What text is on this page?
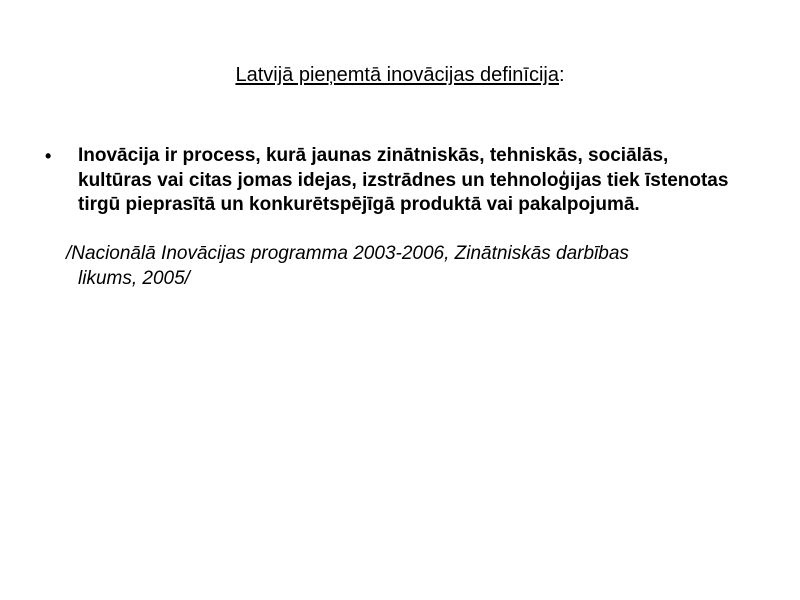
Latvijā pieņemtā inovācijas definīcija:
•	Inovācija ir process, kurā jaunas zinātniskās, tehniskās, sociālās, kultūras vai citas jomas idejas, izstrādnes un tehnoloģijas tiek īstenotas tirgū pieprasītā un konkurētspējīgā produktā vai pakalpojumā.
/Nacionālā Inovācijas programma 2003-2006, Zinātniskās darbības
likums, 2005/
